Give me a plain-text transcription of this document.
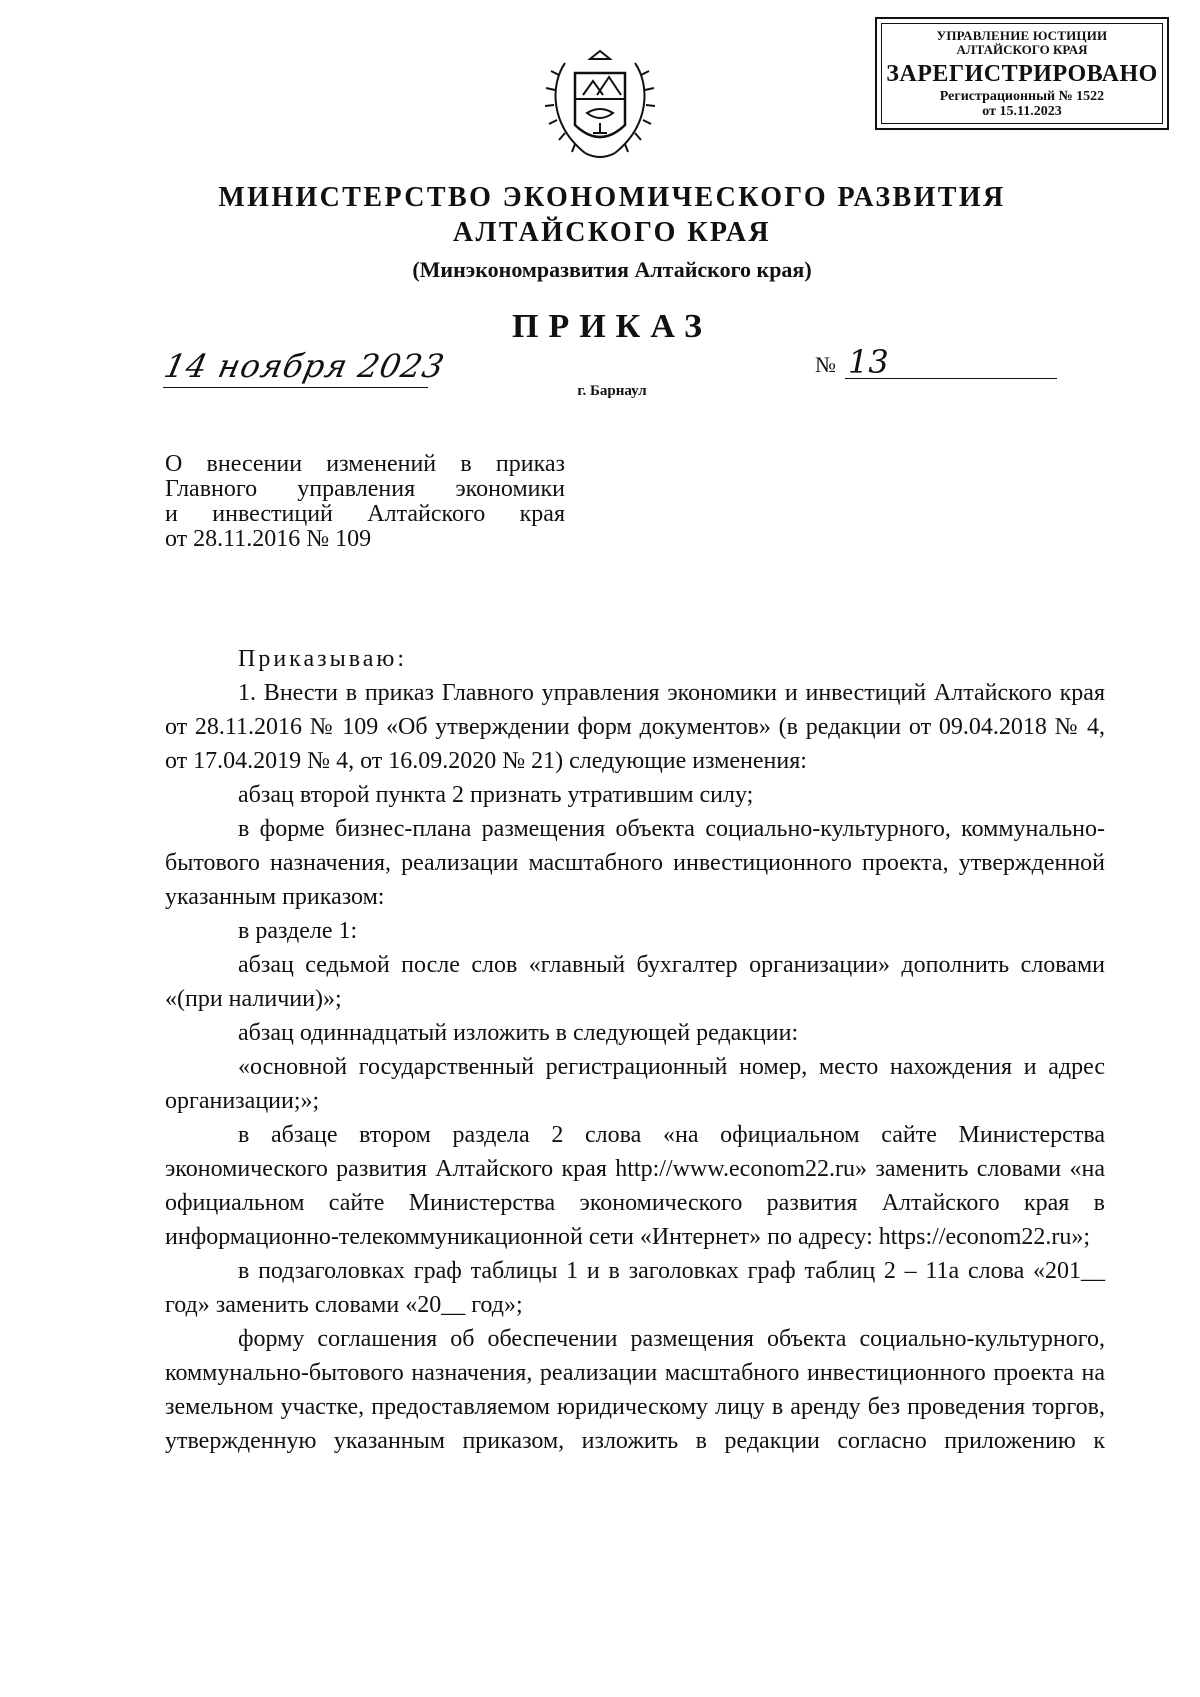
УПРАВЛЕНИЕ ЮСТИЦИИ
АЛТАЙСКОГО КРАЯ
ЗАРЕГИСТРИРОВАНО
Регистрационный № 1522
от 15.11.2023
МИНИСТЕРСТВО ЭКОНОМИЧЕСКОГО РАЗВИТИЯ
АЛТАЙСКОГО КРАЯ
(Минэкономразвития Алтайского края)
ПРИКАЗ
14 ноября 2023	№ 13
г. Барнаул
О внесении изменений в приказ
Главного управления экономики
и инвестиций Алтайского края
от 28.11.2016 № 109

Приказываю:

1. Внести в приказ Главного управления экономики и инвестиций Алтайского края от 28.11.2016 № 109 «Об утверждении форм документов» (в редакции от 09.04.2018 № 4, от 17.04.2019 № 4, от 16.09.2020 № 21) следующие изменения:

абзац второй пункта 2 признать утратившим силу;

в форме бизнес-плана размещения объекта социально-культурного, коммунально-бытового назначения, реализации масштабного инвестиционного проекта, утвержденной указанным приказом:

в разделе 1:

абзац седьмой после слов «главный бухгалтер организации» дополнить словами «(при наличии)»;

абзац одиннадцатый изложить в следующей редакции:

«основной государственный регистрационный номер, место нахождения и адрес организации;»;

в абзаце втором раздела 2 слова «на официальном сайте Министерства экономического развития Алтайского края http://www.econom22.ru» заменить словами «на официальном сайте Министерства экономического развития Алтайского края в информационно-телекоммуникационной сети «Интернет» по адресу: https://econom22.ru»;

в подзаголовках граф таблицы 1 и в заголовках граф таблиц 2 – 11а слова «201__ год» заменить словами «20__ год»;

форму соглашения об обеспечении размещения объекта социально-культурного, коммунально-бытового назначения, реализации масштабного инвестиционного проекта на земельном участке, предоставляемом юридическому лицу в аренду без проведения торгов, утвержденную указанным приказом, изложить в редакции согласно приложению к
